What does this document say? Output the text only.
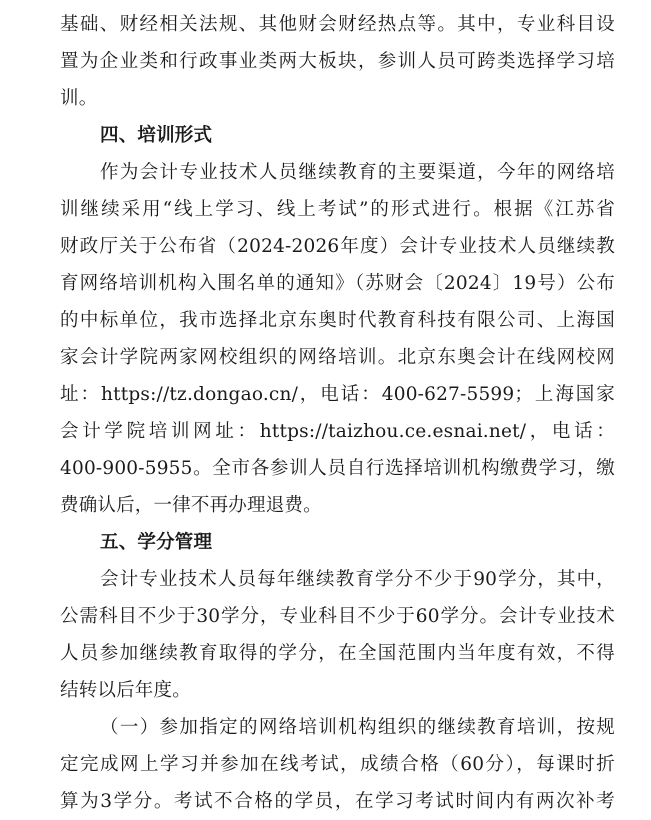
基础、财经相关法规、其他财会财经热点等。其中，专业科目设
置为企业类和行政事业类两大板块，参训人员可跨类选择学习培
训。
四、培训形式
作为会计专业技术人员继续教育的主要渠道，今年的网络培
训继续采用“线上学习、线上考试”的形式进行。根据《江苏省
财政厅关于公布省（2024-2026年度）会计专业技术人员继续教
育网络培训机构入围名单的通知》（苏财会〔2024〕19号）公布
的中标单位，我市选择北京东奥时代教育科技有限公司、上海国
家会计学院两家网校组织的网络培训。北京东奥会计在线网校网
址：https://tz.dongao.cn/，电话：400-627-5599；上海国家
会计学院培训网址：https://taizhou.ce.esnai.net/，电话：
400-900-5955。全市各参训人员自行选择培训机构缴费学习，缴
费确认后，一律不再办理退费。
五、学分管理
会计专业技术人员每年继续教育学分不少于90学分，其中，
公需科目不少于30学分，专业科目不少于60学分。会计专业技术
人员参加继续教育取得的学分，在全国范围内当年度有效，不得
结转以后年度。
（一）参加指定的网络培训机构组织的继续教育培训，按规
定完成网上学习并参加在线考试，成绩合格（60分），每课时折
算为3学分。考试不合格的学员，在学习考试时间内有两次补考
